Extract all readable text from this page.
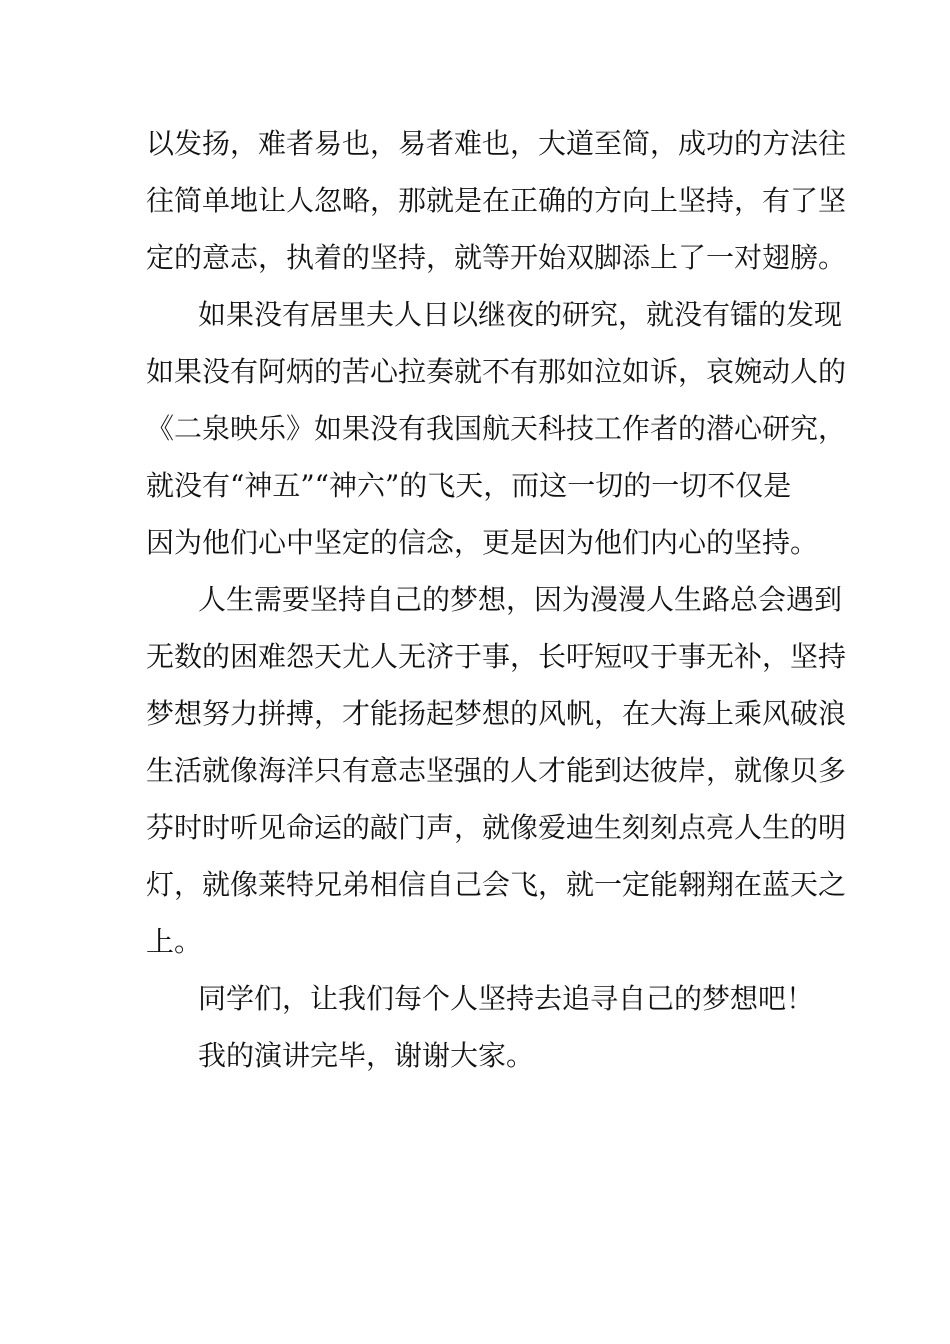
以发扬，难者易也，易者难也，大道至简，成功的方法往

往简单地让人忽略，那就是在正确的方向上坚持，有了坚

定的意志，执着的坚持，就等开始双脚添上了一对翅膀。

如果没有居里夫人日以继夜的研究，就没有镭的发现

如果没有阿炳的苦心拉奏就不有那如泣如诉，哀婉动人的

《二泉映乐》如果没有我国航天科技工作者的潜心研究，

就没有“神五”“神六”的飞天，而这一切的一切不仅是

因为他们心中坚定的信念，更是因为他们内心的坚持。

人生需要坚持自己的梦想，因为漫漫人生路总会遇到

无数的困难怨天尤人无济于事，长吁短叹于事无补，坚持

梦想努力拼搏，才能扬起梦想的风帆，在大海上乘风破浪

生活就像海洋只有意志坚强的人才能到达彼岸，就像贝多

芬时时听见命运的敲门声，就像爱迪生刻刻点亮人生的明

灯，就像莱特兄弟相信自己会飞，就一定能翱翔在蓝天之

上。

同学们，让我们每个人坚持去追寻自己的梦想吧！

我的演讲完毕，谢谢大家。
